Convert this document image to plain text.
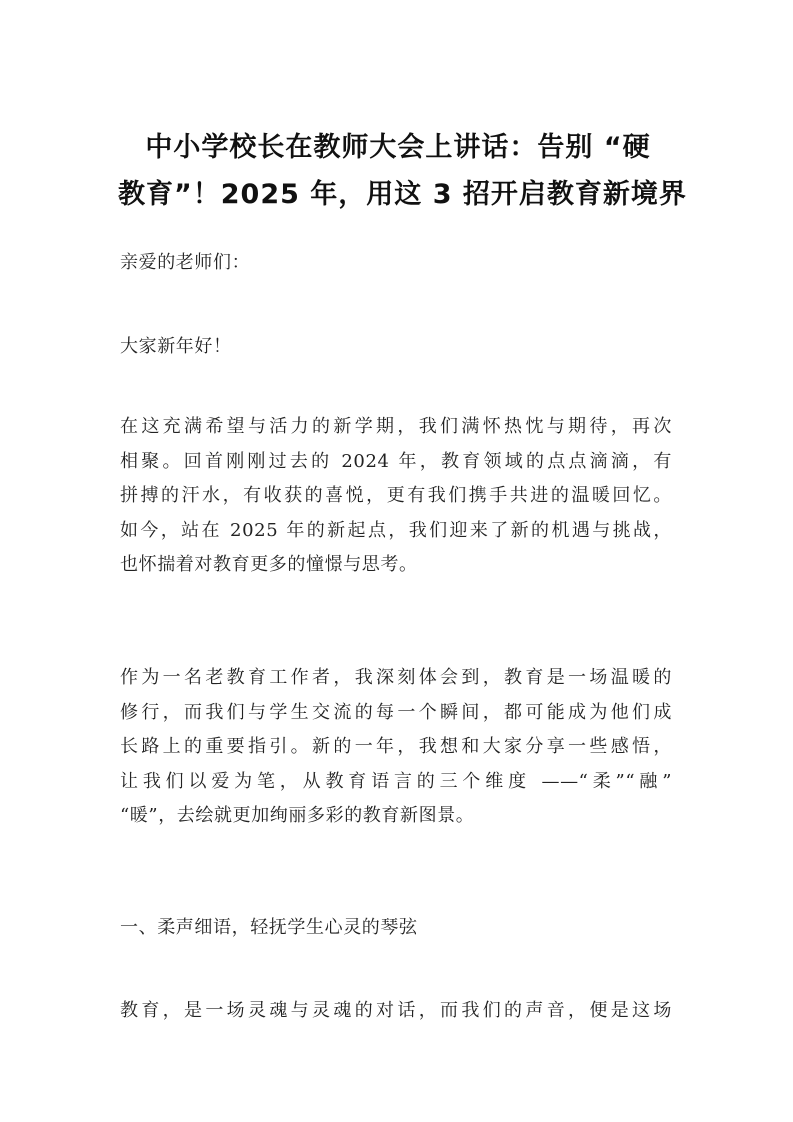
中小学校长在教师大会上讲话：告别 “硬
教育”！2025 年，用这 3 招开启教育新境界

亲爱的老师们：

大家新年好！

在这充满希望与活力的新学期，我们满怀热忱与期待，再次
相聚。回首刚刚过去的 2024 年，教育领域的点点滴滴，有
拼搏的汗水，有收获的喜悦，更有我们携手共进的温暖回忆。
如今，站在 2025 年的新起点，我们迎来了新的机遇与挑战，
也怀揣着对教育更多的憧憬与思考。

作为一名老教育工作者，我深刻体会到，教育是一场温暖的
修行，而我们与学生交流的每一个瞬间，都可能成为他们成
长路上的重要指引。新的一年，我想和大家分享一些感悟，
让我们以爱为笔，从教育语言的三个维度 ——“柔”“融”
“暖”，去绘就更加绚丽多彩的教育新图景。

一、柔声细语，轻抚学生心灵的琴弦

教育，是一场灵魂与灵魂的对话，而我们的声音，便是这场
